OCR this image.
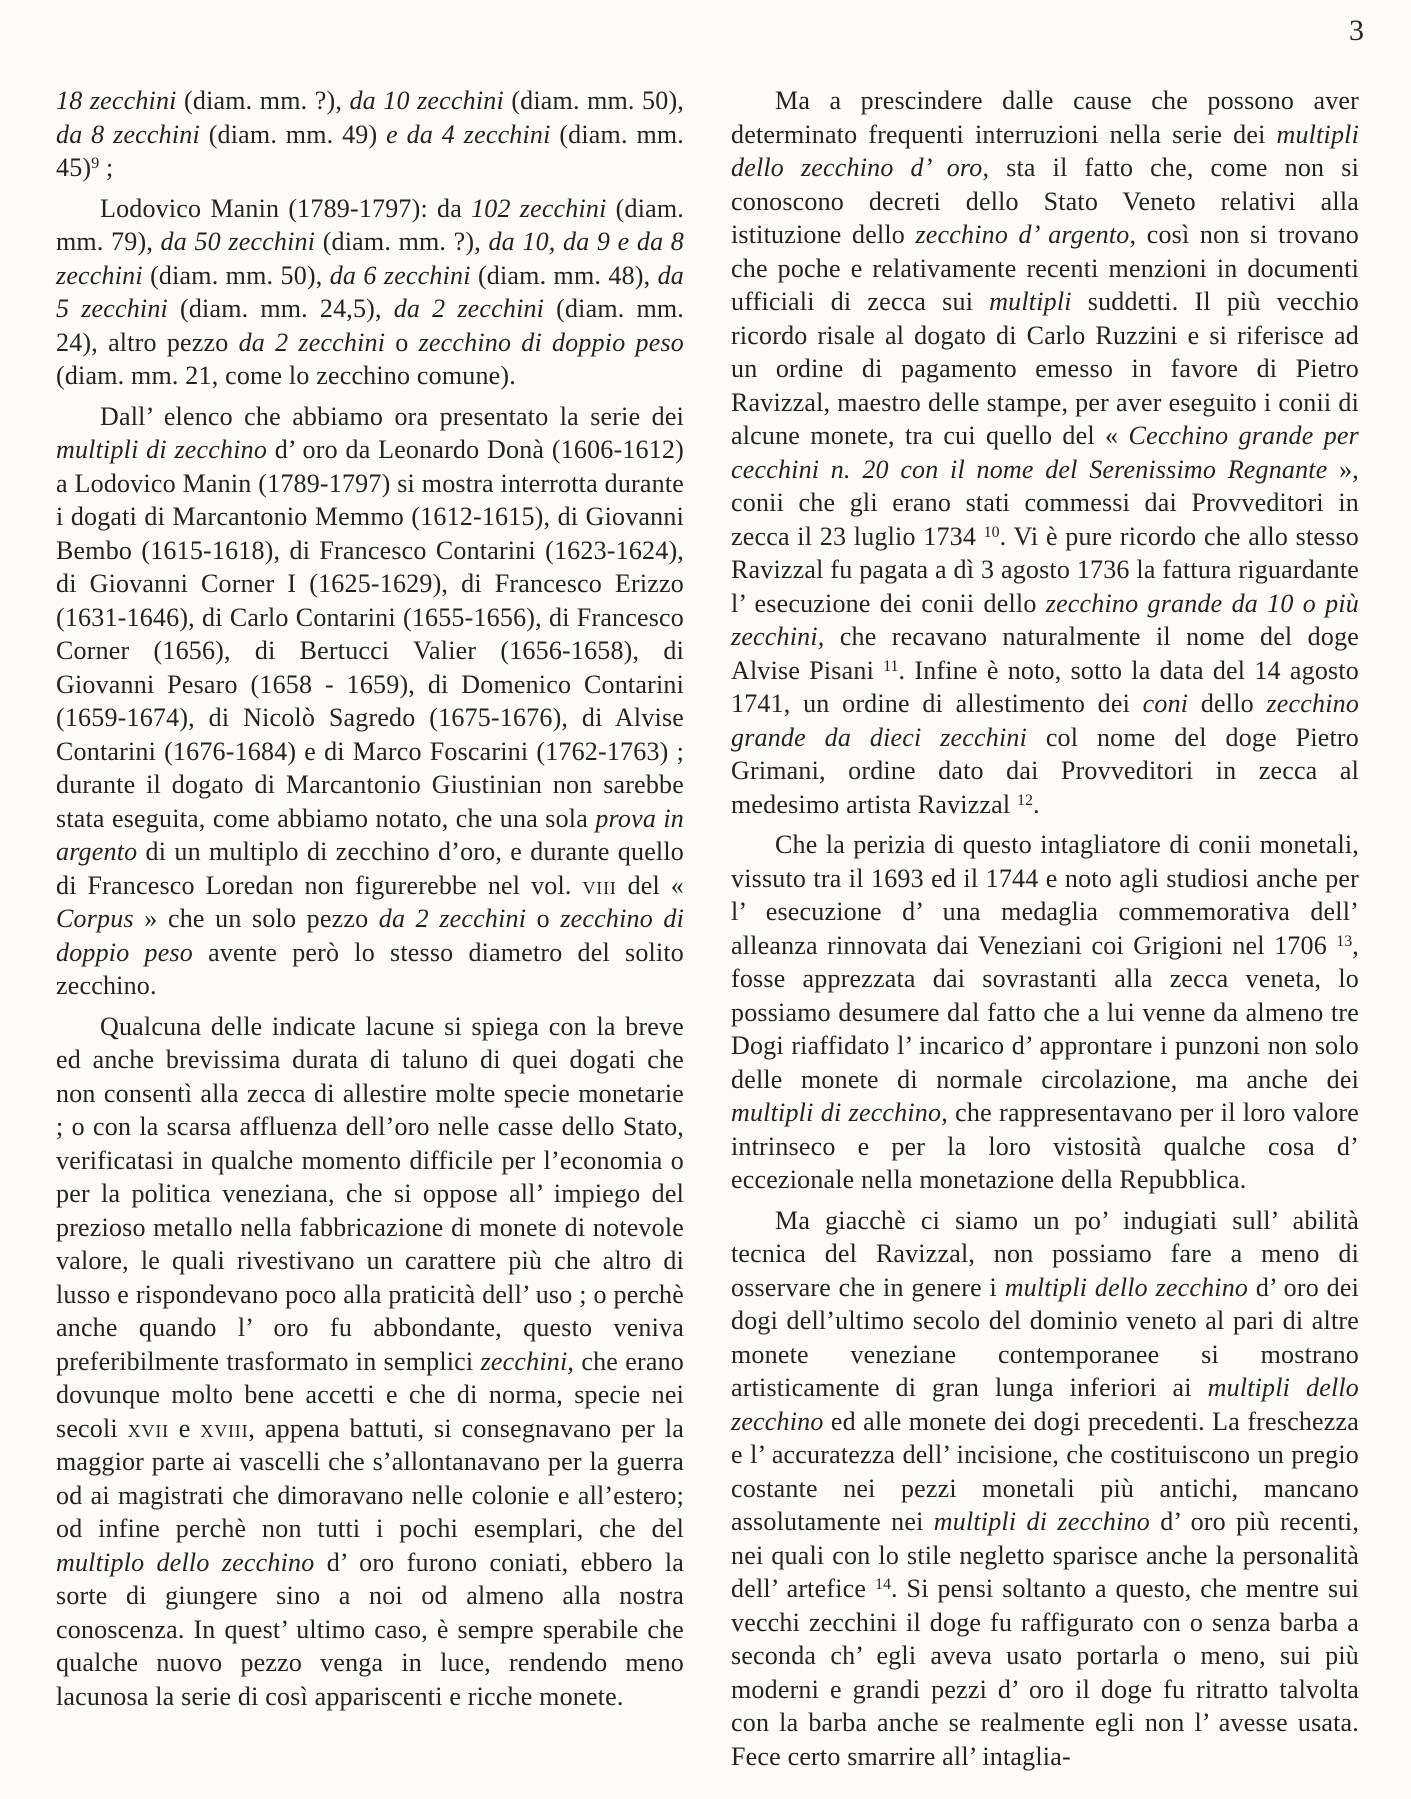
3

18 zecchini (diam. mm. ?), da 10 zecchini (diam. mm. 50), da 8 zecchini (diam. mm. 49) e da 4 zecchini (diam. mm. 45)$^9$ ;

Lodovico Manin (1789-1797): da 102 zecchini (diam. mm. 79), da 50 zecchini (diam. mm. ?), da 10, da 9 e da 8 zecchini (diam. mm. 50), da 6 zecchini (diam. mm. 48), da 5 zecchini (diam. mm. 24,5), da 2 zecchini (diam. mm. 24), altro pezzo da 2 zecchini o zecchino di doppio peso (diam. mm. 21, come lo zecchino comune).

Dall’ elenco che abbiamo ora presentato la serie dei multipli di zecchino d’ oro da Leonardo Donà (1606-1612) a Lodovico Manin (1789-1797) si mostra interrotta durante i dogati di Marcantonio Memmo (1612-1615), di Giovanni Bembo (1615-1618), di Francesco Contarini (1623-1624), di Giovanni Corner I (1625-1629), di Francesco Erizzo (1631-1646), di Carlo Contarini (1655-1656), di Francesco Corner (1656), di Bertucci Valier (1656-1658), di Giovanni Pesaro (1658 - 1659), di Domenico Contarini (1659-1674), di Nicolò Sagredo (1675-1676), di Alvise Contarini (1676-1684) e di Marco Foscarini (1762-1763) ; durante il dogato di Marcantonio Giustinian non sarebbe stata eseguita, come abbiamo notato, che una sola prova in argento di un multiplo di zecchino d’oro, e durante quello di Francesco Loredan non figurerebbe nel vol. viii del « Corpus » che un solo pezzo da 2 zecchini o zecchino di doppio peso avente però lo stesso diametro del solito zecchino.

Qualcuna delle indicate lacune si spiega con la breve ed anche brevissima durata di taluno di quei dogati che non consentì alla zecca di allestire molte specie monetarie ; o con la scarsa affluenza dell’oro nelle casse dello Stato, verificatasi in qualche momento difficile per l’economia o per la politica veneziana, che si oppose all’ impiego del prezioso metallo nella fabbricazione di monete di notevole valore, le quali rivestivano un carattere più che altro di lusso e rispondevano poco alla praticità dell’ uso ; o perchè anche quando l’ oro fu abbondante, questo veniva preferibilmente trasformato in semplici zecchini, che erano dovunque molto bene accetti e che di norma, specie nei secoli xvii e xviii, appena battuti, si consegnavano per la maggior parte ai vascelli che s’allontanavano per la guerra od ai magistrati che dimoravano nelle colonie e all’estero; od infine perchè non tutti i pochi esemplari, che del multiplo dello zecchino d’ oro furono coniati, ebbero la sorte di giungere sino a noi od almeno alla nostra conoscenza. In quest’ ultimo caso, è sempre sperabile che qualche nuovo pezzo venga in luce, rendendo meno lacunosa la serie di così appariscenti e ricche monete.

Ma a prescindere dalle cause che possono aver determinato frequenti interruzioni nella serie dei multipli dello zecchino d’ oro, sta il fatto che, come non si conoscono decreti dello Stato Veneto relativi alla istituzione dello zecchino d’ argento, così non si trovano che poche e relativamente recenti menzioni in documenti ufficiali di zecca sui multipli suddetti. Il più vecchio ricordo risale al dogato di Carlo Ruzzini e si riferisce ad un ordine di pagamento emesso in favore di Pietro Ravizzal, maestro delle stampe, per aver eseguito i conii di alcune monete, tra cui quello del « Cecchino grande per cecchini n. 20 con il nome del Serenissimo Regnante », conii che gli erano stati commessi dai Provveditori in zecca il 23 luglio 1734 $^{10}$. Vi è pure ricordo che allo stesso Ravizzal fu pagata a dì 3 agosto 1736 la fattura riguardante l’ esecuzione dei conii dello zecchino grande da 10 o più zecchini, che recavano naturalmente il nome del doge Alvise Pisani $^{11}$. Infine è noto, sotto la data del 14 agosto 1741, un ordine di allestimento dei coni dello zecchino grande da dieci zecchini col nome del doge Pietro Grimani, ordine dato dai Provveditori in zecca al medesimo artista Ravizzal $^{12}$.

Che la perizia di questo intagliatore di conii monetali, vissuto tra il 1693 ed il 1744 e noto agli studiosi anche per l’ esecuzione d’ una medaglia commemorativa dell’ alleanza rinnovata dai Veneziani coi Grigioni nel 1706 $^{13}$, fosse apprezzata dai sovrastanti alla zecca veneta, lo possiamo desumere dal fatto che a lui venne da almeno tre Dogi riaffidato l’ incarico d’ approntare i punzoni non solo delle monete di normale circolazione, ma anche dei multipli di zecchino, che rappresentavano per il loro valore intrinseco e per la loro vistosità qualche cosa d’ eccezionale nella monetazione della Repubblica.

Ma giacchè ci siamo un po’ indugiati sull’ abilità tecnica del Ravizzal, non possiamo fare a meno di osservare che in genere i multipli dello zecchino d’ oro dei dogi dell’ultimo secolo del dominio veneto al pari di altre monete veneziane contemporanee si mostrano artisticamente di gran lunga inferiori ai multipli dello zecchino ed alle monete dei dogi precedenti. La freschezza e l’ accuratezza dell’ incisione, che costituiscono un pregio costante nei pezzi monetali più antichi, mancano assolutamente nei multipli di zecchino d’ oro più recenti, nei quali con lo stile negletto sparisce anche la personalità dell’ artefice $^{14}$. Si pensi soltanto a questo, che mentre sui vecchi zecchini il doge fu raffigurato con o senza barba a seconda ch’ egli aveva usato portarla o meno, sui più moderni e grandi pezzi d’ oro il doge fu ritratto talvolta con la barba anche se realmente egli non l’ avesse usata. Fece certo smarrire all’ intaglia-
